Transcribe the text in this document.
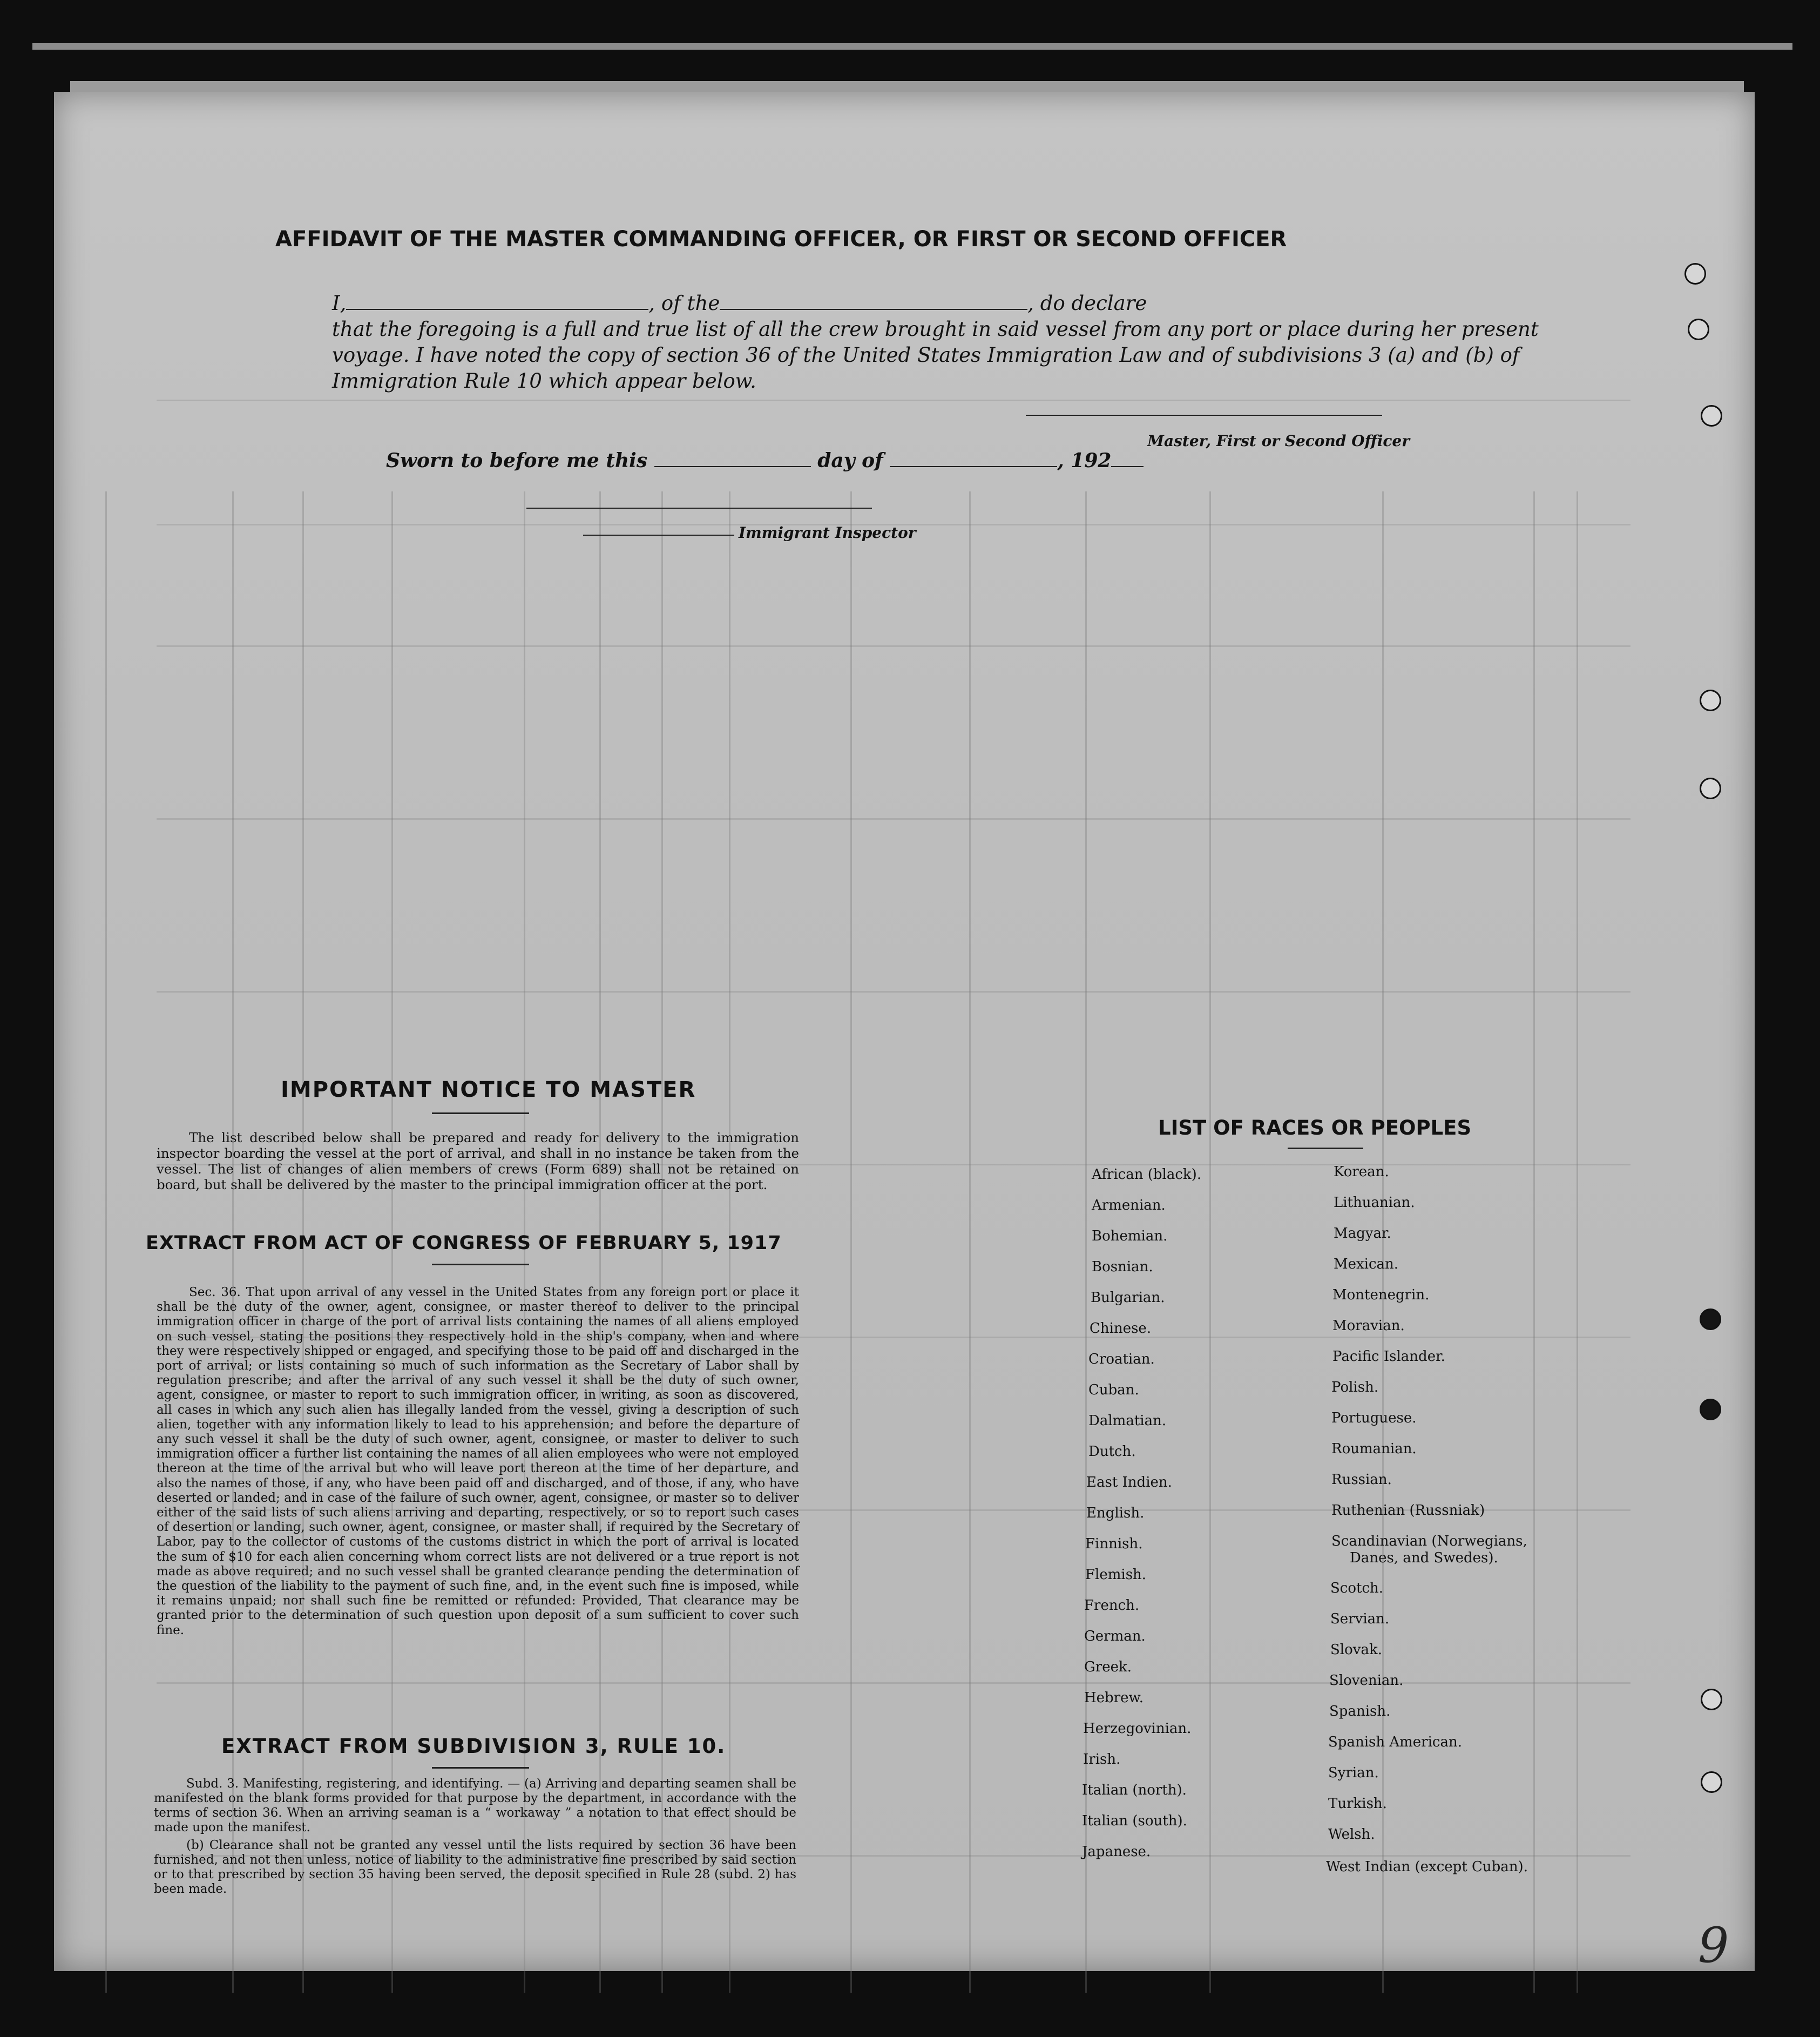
AFFIDAVIT OF THE MASTER COMMANDING OFFICER, OR FIRST OR SECOND OFFICER
I,	, of the	, do declare
that the foregoing is a full and true list of all the crew brought in said vessel from any port or place during her present
voyage. I have noted the copy of section 36 of the United States Immigration Law and of subdivisions 3 (a) and (b) of
Immigration Rule 10 which appear below.
Master, First or Second Officer
Sworn to before me this	day of	, 192
Immigrant Inspector
IMPORTANT NOTICE TO MASTER
The list described below shall be prepared and ready for delivery to the immigration inspector boarding the vessel at the port of arrival, and shall in no instance be taken from the vessel. The list of changes of alien members of crews (Form 689) shall not be retained on board, but shall be delivered by the master to the principal immigration officer at the port.
EXTRACT FROM ACT OF CONGRESS OF FEBRUARY 5, 1917
Sec. 36. That upon arrival of any vessel in the United States from any foreign port or place it shall be the duty of the owner, agent, consignee, or master thereof to deliver to the principal immigration officer in charge of the port of arrival lists containing the names of all aliens employed on such vessel, stating the positions they respectively hold in the ship's company, when and where they were respectively shipped or engaged, and specifying those to be paid off and discharged in the port of arrival; or lists containing so much of such information as the Secretary of Labor shall by regulation prescribe; and after the arrival of any such vessel it shall be the duty of such owner, agent, consignee, or master to report to such immigration officer, in writing, as soon as discovered, all cases in which any such alien has illegally landed from the vessel, giving a description of such alien, together with any information likely to lead to his apprehension; and before the departure of any such vessel it shall be the duty of such owner, agent, consignee, or master to deliver to such immigration officer a further list containing the names of all alien employees who were not employed thereon at the time of the arrival but who will leave port thereon at the time of her departure, and also the names of those, if any, who have been paid off and discharged, and of those, if any, who have deserted or landed; and in case of the failure of such owner, agent, consignee, or master so to deliver either of the said lists of such aliens arriving and departing, respectively, or so to report such cases of desertion or landing, such owner, agent, consignee, or master shall, if required by the Secretary of Labor, pay to the collector of customs of the customs district in which the port of arrival is located the sum of $10 for each alien concerning whom correct lists are not delivered or a true report is not made as above required; and no such vessel shall be granted clearance pending the determination of the question of the liability to the payment of such fine, and, in the event such fine is imposed, while it remains unpaid; nor shall such fine be remitted or refunded: Provided, That clearance may be granted prior to the determination of such question upon deposit of a sum sufficient to cover such fine.
EXTRACT FROM SUBDIVISION 3, RULE 10.

Subd. 3. Manifesting, registering, and identifying. — (a) Arriving and departing seamen shall be manifested on the blank forms provided for that purpose by the department, in accordance with the terms of section 36. When an arriving seaman is a “ workaway ” a notation to that effect should be made upon the manifest.

(b) Clearance shall not be granted any vessel until the lists required by section 36 have been furnished, and not then unless, notice of liability to the administrative fine prescribed by said section or to that prescribed by section 35 having been served, the deposit specified in Rule 28 (subd. 2) has been made.

LIST OF RACES OR PEOPLES
African (black).
Armenian.
Bohemian.
Bosnian.
Bulgarian.
Chinese.
Croatian.
Cuban.
Dalmatian.
Dutch.
East Indien.
English.
Finnish.
Flemish.
French.
German.
Greek.
Hebrew.
Herzegovinian.
Irish.
Italian (north).
Italian (south).
Japanese.
Korean.
Lithuanian.
Magyar.
Mexican.
Montenegrin.
Moravian.
Pacific Islander.
Polish.
Portuguese.
Roumanian.
Russian.
Ruthenian (Russniak)
Scandinavian (Norwegians,
Danes, and Swedes).
Scotch.
Servian.
Slovak.
Slovenian.
Spanish.
Spanish American.
Syrian.
Turkish.
Welsh.
West Indian (except Cuban).
9
